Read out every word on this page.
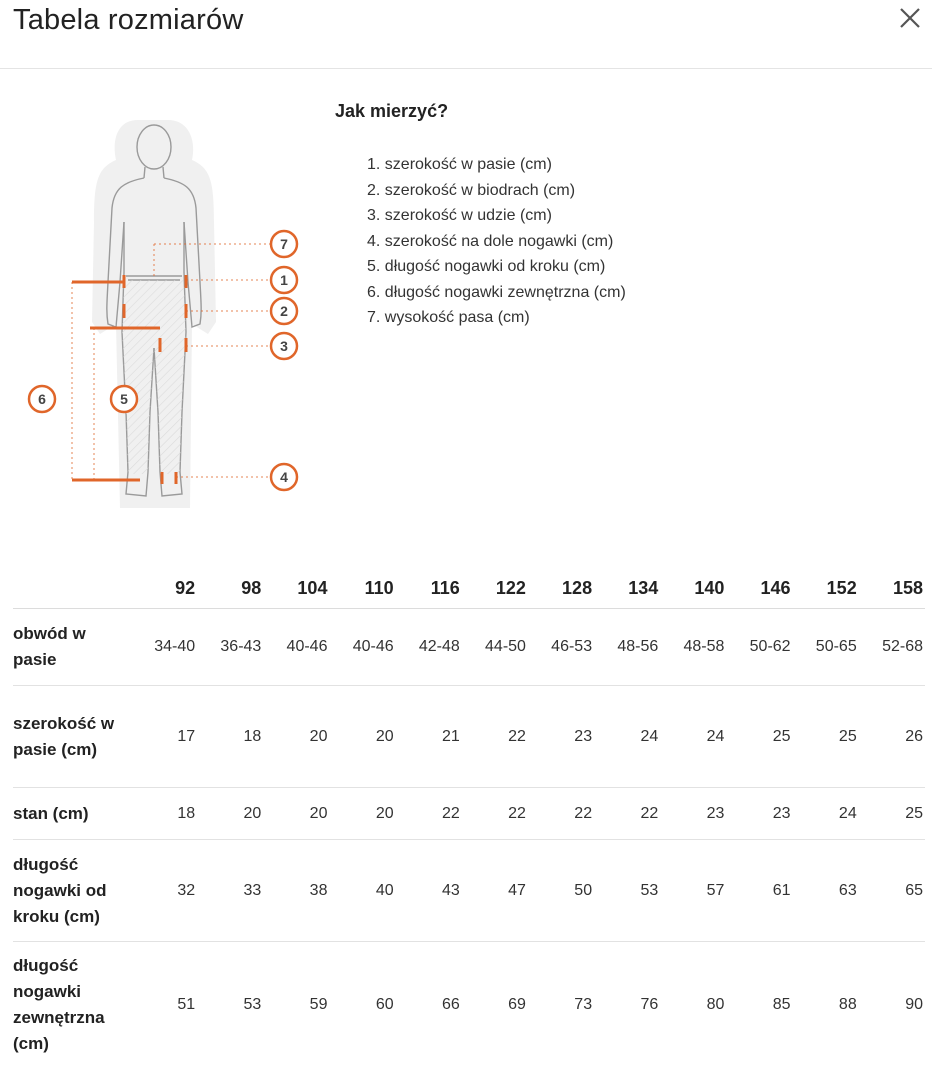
Tabela rozmiarów
7
1
2
3
6	5
4
Jak mierzyć?
1. szerokość w pasie (cm)
2. szerokość w biodrach (cm)
3. szerokość w udzie (cm)
4. szerokość na dole nogawki (cm)
5. długość nogawki od kroku (cm)
6. długość nogawki zewnętrzna (cm)
7. wysokość pasa (cm)
	92	98	104	110	116	122	128	134	140	146	152	158
obwód w pasie	34-40	36-43	40-46	40-46	42-48	44-50	46-53	48-56	48-58	50-62	50-65	52-68
szerokość w pasie (cm)	17	18	20	20	21	22	23	24	24	25	25	26
stan (cm)	18	20	20	20	22	22	22	22	23	23	24	25
długość nogawki od kroku (cm)	32	33	38	40	43	47	50	53	57	61	63	65
długość nogawki zewnętrzna (cm)	51	53	59	60	66	69	73	76	80	85	88	90
